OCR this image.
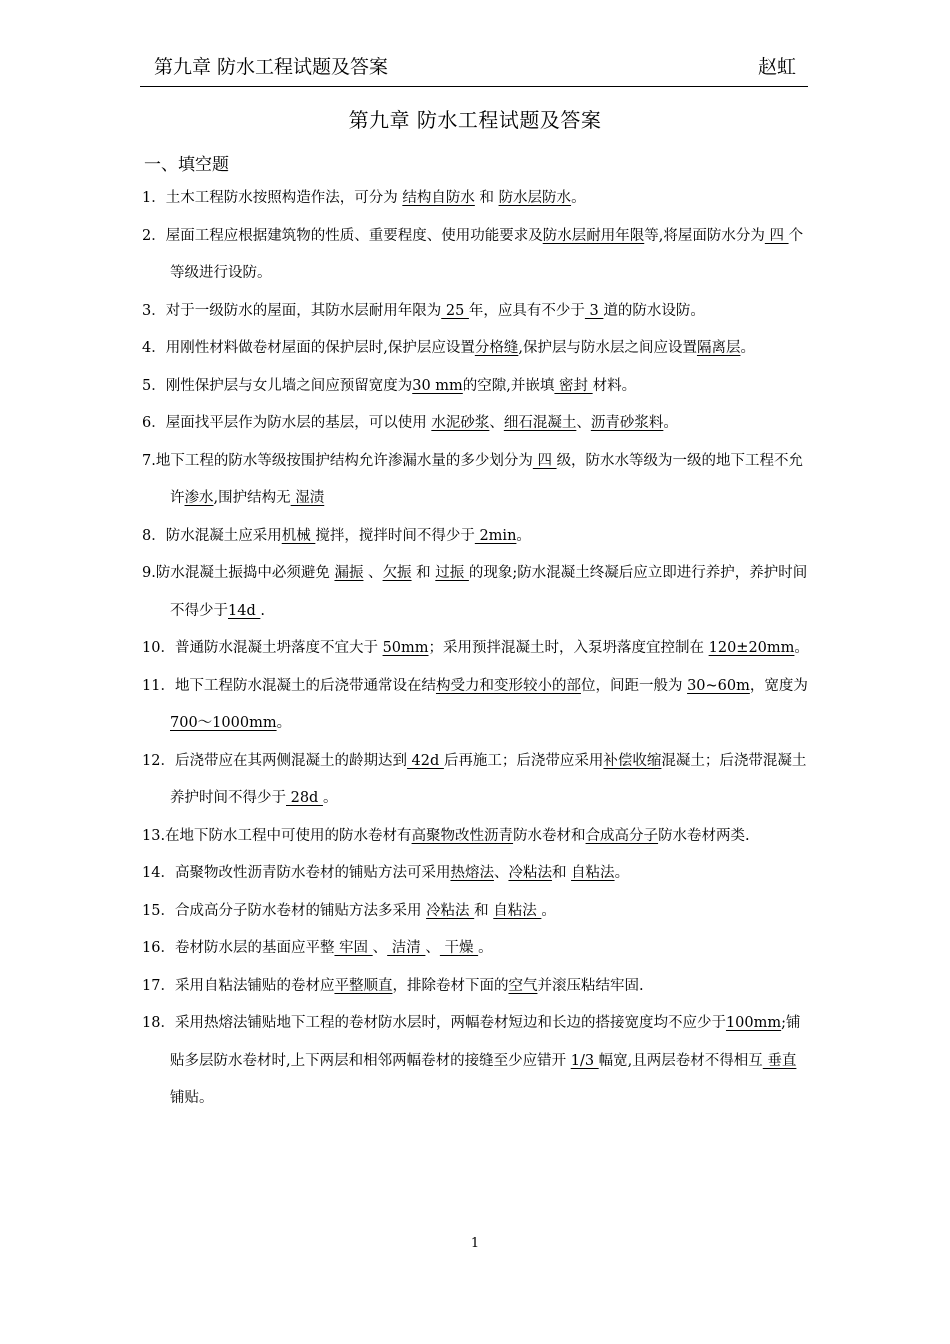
第九章 防水工程试题及答案	赵虹
第九章 防水工程试题及答案
一、填空题

1．土木工程防水按照构造作法，可分为 结构自防水 和 防水层防水。

2．屋面工程应根据建筑物的性质、重要程度、使用功能要求及防水层耐用年限等,将屋面防水分为 四 个等级进行设防。

3．对于一级防水的屋面，其防水层耐用年限为 25 年，应具有不少于 3 道的防水设防。

4．用刚性材料做卷材屋面的保护层时,保护层应设置分格缝,保护层与防水层之间应设置隔离层。

5．刚性保护层与女儿墙之间应预留宽度为30 mm的空隙,并嵌填 密封 材料。

6．屋面找平层作为防水层的基层，可以使用 水泥砂浆、细石混凝土、沥青砂浆料。

7.地下工程的防水等级按围护结构允许渗漏水量的多少划分为 四 级，防水水等级为一级的地下工程不允许渗水,围护结构无 湿渍

8．防水混凝土应采用机械 搅拌，搅拌时间不得少于 2min。

9.防水混凝土振捣中必须避免 漏振 、欠振 和 过振 的现象;防水混凝土终凝后应立即进行养护，养护时间不得少于14d .

10．普通防水混凝土坍落度不宜大于 50mm；采用预拌混凝土时，入泵坍落度宜控制在 120±20mm。

11．地下工程防水混凝土的后浇带通常设在结构受力和变形较小的部位，间距一般为 30~60m，宽度为700～1000mm。

12．后浇带应在其两侧混凝土的龄期达到 42d 后再施工；后浇带应采用补偿收缩混凝土；后浇带混凝土养护时间不得少于 28d 。

13.在地下防水工程中可使用的防水卷材有高聚物改性沥青防水卷材和合成高分子防水卷材两类.

14．高聚物改性沥青防水卷材的铺贴方法可采用热熔法、冷粘法和 自粘法。

15．合成高分子防水卷材的铺贴方法多采用 冷粘法 和 自粘法 。

16．卷材防水层的基面应平整 牢固 、 洁清 、 干燥 。

17．采用自粘法铺贴的卷材应平整顺直，排除卷材下面的空气并滚压粘结牢固.

18．采用热熔法铺贴地下工程的卷材防水层时，两幅卷材短边和长边的搭接宽度均不应少于100mm;铺贴多层防水卷材时,上下两层和相邻两幅卷材的接缝至少应错开 1/3 幅宽,且两层卷材不得相互 垂直 铺贴。

1
